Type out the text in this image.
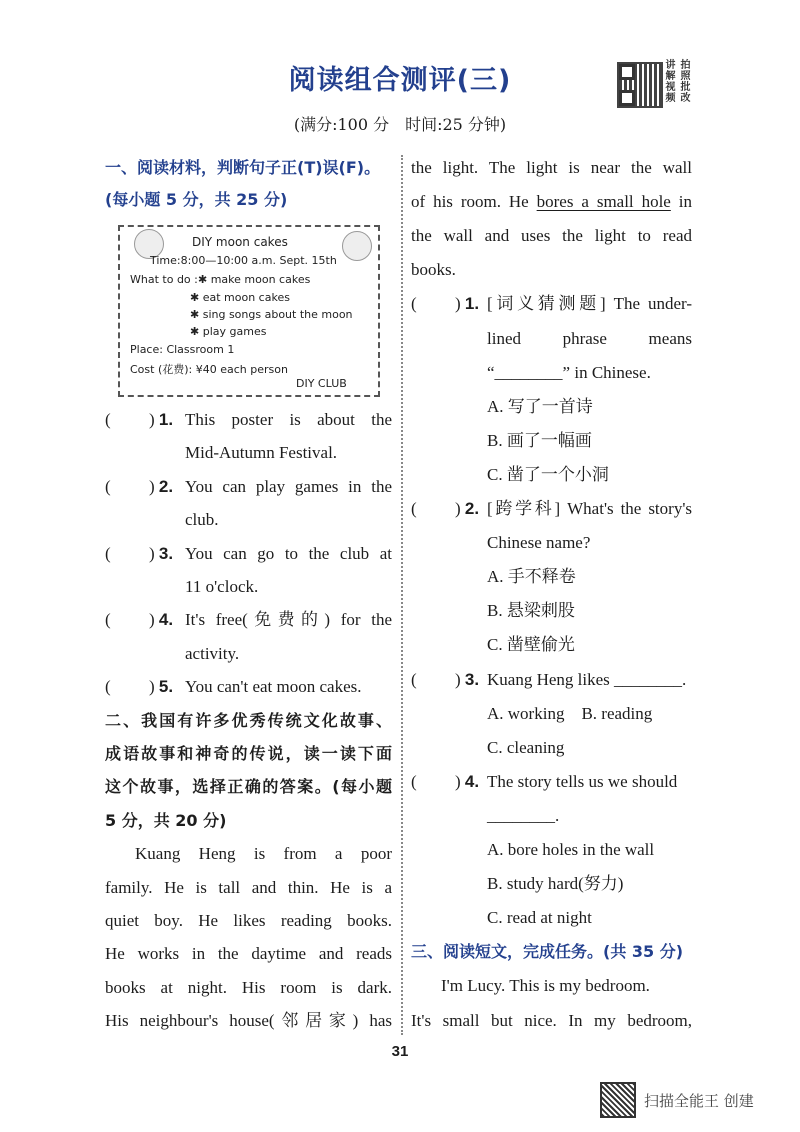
阅读组合测评(三)
(满分:100 分　时间:25 分钟)
讲 拍
解 照
视 批
频 改
DIY moon cakes
Time:8:00—10:00 a.m. Sept. 15th
What to do : ✱ make moon cakes
✱ eat moon cakes
✱ sing songs about the moon
✱ play games
Place: Classroom 1
Cost (花费): ¥40 each person
DIY CLUB
一、阅读材料，判断句子正(T)误(F)。
(每小题 5 分，共 25 分)
( ) 1. This poster is about the
Mid-Autumn Festival.
( ) 2. You can play games in the
club.
( ) 3. You can go to the club at
11 o'clock.
( ) 4. It's free(免费的) for the
activity.
( ) 5. You can't eat moon cakes.
二、我国有许多优秀传统文化故事、
成语故事和神奇的传说，读一读下面
这个故事，选择正确的答案。(每小题
5 分，共 20 分)
Kuang Heng is from a poor
family. He is tall and thin. He is a
quiet boy. He likes reading books.
He works in the daytime and reads
books at night. His room is dark.
His neighbour's house(邻居家) has
the light. The light is near the wall
of his room. He bores a small hole in
the wall and uses the light to read
books.
( ) 1. [词义猜测题] The under-
lined　phrase　means
“________” in Chinese.
A. 写了一首诗
B. 画了一幅画
C. 凿了一个小洞
( ) 2. [跨学科] What's the story's
Chinese name?
A. 手不释卷
B. 悬梁刺股
C. 凿壁偷光
( ) 3. Kuang Heng likes ________.
A. working　B. reading
C. cleaning
( ) 4. The story tells us we should
________.
A. bore holes in the wall
B. study hard(努力)
C. read at night
三、阅读短文，完成任务。(共 35 分)
I'm Lucy. This is my bedroom.
It's small but nice. In my bedroom,
31
扫描全能王 创建
